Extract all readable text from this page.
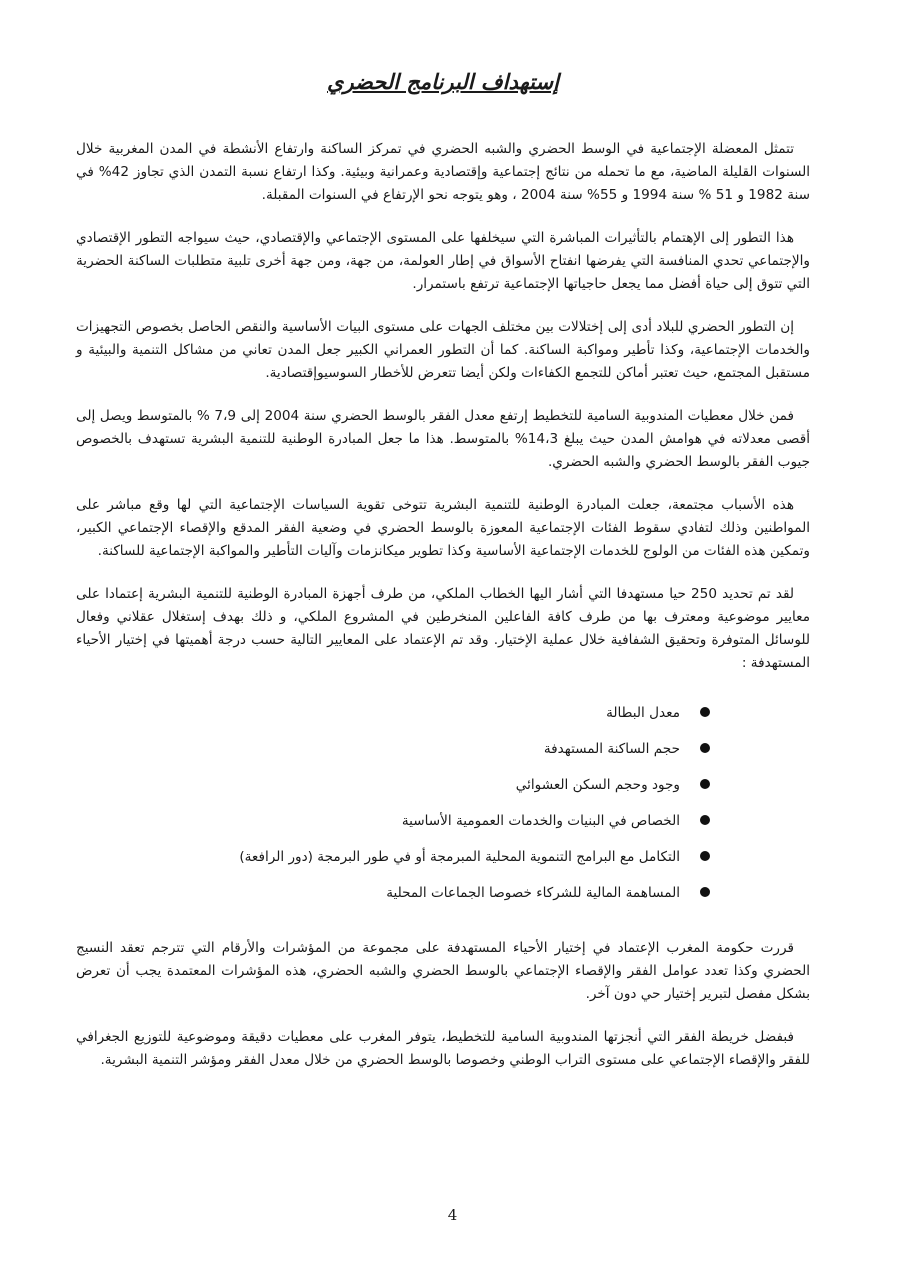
إستهداف البرنامج الحضري

تتمثل المعضلة الإجتماعية في الوسط الحضري والشبه الحضري في تمركز الساكنة وارتفاع الأنشطة في المدن المغربية خلال السنوات القليلة الماضية، مع ما تحمله من نتائج إجتماعية وإقتصادية وعمرانية وبيئية. وكذا ارتفاع نسبة التمدن الذي تجاوز 42% في سنة 1982 و 51 % سنة 1994 و 55% سنة 2004 ، وهو يتوجه نحو الإرتفاع في السنوات المقبلة.

هذا التطور إلى الإهتمام بالتأثيرات المباشرة التي سيخلفها على المستوى الإجتماعي والإقتصادي، حيث سيواجه التطور الإقتصادي والإجتماعي تحدي المنافسة التي يفرضها انفتاح الأسواق في إطار العولمة، من جهة، ومن جهة أخرى تلبية متطلبات الساكنة الحضرية التي تتوق إلى حياة أفضل مما يجعل حاجياتها الإجتماعية ترتفع باستمرار.

إن التطور الحضري للبلاد أدى إلى إختلالات بين مختلف الجهات على مستوى البيات الأساسية والنقص الحاصل بخصوص التجهيزات والخدمات الإجتماعية، وكذا تأطير ومواكبة الساكنة. كما أن التطور العمراني الكبير جعل المدن تعاني من مشاكل التنمية والبيئية و مستقبل المجتمع، حيث تعتبر أماكن للتجمع الكفاءات ولكن أيضا تتعرض للأخطار السوسيوإقتصادية.

فمن خلال معطيات المندوبية السامية للتخطيط إرتفع معدل الفقر بالوسط الحضري سنة 2004 إلى 7،9 % بالمتوسط ويصل إلى أقصى معدلاته في هوامش المدن حيث يبلغ 14،3% بالمتوسط. هذا ما جعل المبادرة الوطنية للتنمية البشرية تستهدف بالخصوص جيوب الفقر بالوسط الحضري والشبه الحضري.

هذه الأسباب مجتمعة، جعلت المبادرة الوطنية للتنمية البشرية تتوخى تقوية السياسات الإجتماعية التي لها وقع مباشر على المواطنين وذلك لتفادي سقوط الفئات الإجتماعية المعوزة بالوسط الحضري في وضعية الفقر المدقع والإقصاء الإجتماعي الكبير، وتمكين هذه الفئات من الولوج للخدمات الإجتماعية الأساسية وكذا تطوير ميكانزمات وآليات التأطير والمواكبة الإجتماعية للساكنة.

لقد تم تحديد 250 حيا مستهدفا التي أشار اليها الخطاب الملكي، من طرف أجهزة المبادرة الوطنية للتنمية البشرية إعتمادا على معايير موضوعية ومعترف بها من طرف كافة الفاعلين المنخرطين في المشروع الملكي، و ذلك بهدف إستغلال عقلاني وفعال للوسائل المتوفرة وتحقيق الشفافية خلال عملية الإختيار. وقد تم الإعتماد على المعايير التالية حسب درجة أهميتها في إختيار الأحياء المستهدفة :

معدل البطالة
حجم الساكنة المستهدفة
وجود وحجم السكن العشوائي
الخصاص في البنيات والخدمات العمومية الأساسية
التكامل مع البرامج التنموية المحلية المبرمجة أو في طور البرمجة (دور الرافعة)
المساهمة المالية للشركاء خصوصا الجماعات المحلية

قررت حكومة المغرب الإعتماد في إختيار الأحياء المستهدفة على مجموعة من المؤشرات والأرقام التي تترجم تعقد النسيج الحضري وكذا تعدد عوامل الفقر والإقصاء الإجتماعي بالوسط الحضري والشبه الحضري، هذه المؤشرات المعتمدة يجب أن تعرض بشكل مفصل لتبرير إختيار حي دون آخر.

فبفضل خريطة الفقر التي أنجزتها المندوبية السامية للتخطيط، يتوفر المغرب على معطيات دقيقة وموضوعية للتوزيع الجغرافي للفقر والإقصاء الإجتماعي على مستوى التراب الوطني وخصوصا بالوسط الحضري من خلال معدل الفقر ومؤشر التنمية البشرية.

4
